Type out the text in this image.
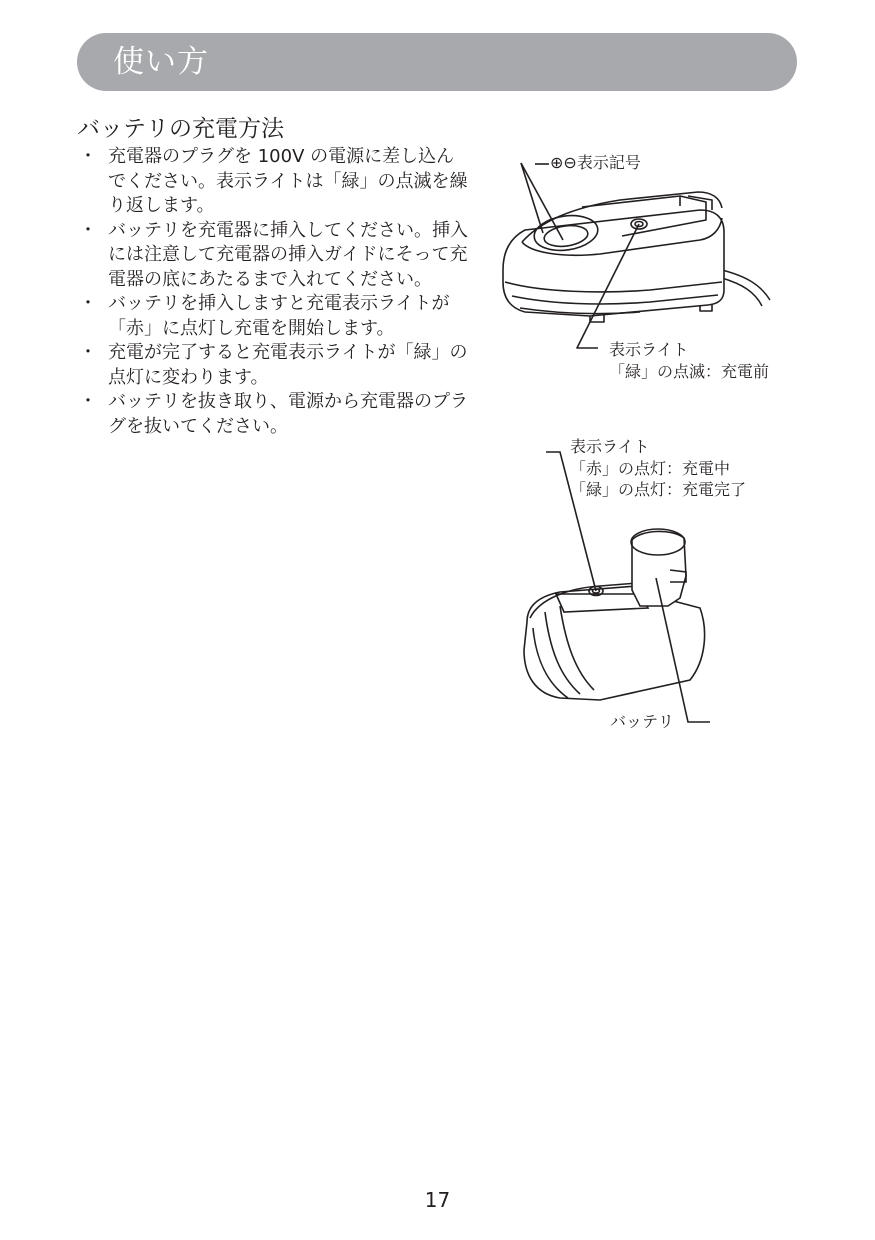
使い方
バッテリの充電方法
・ 充電器のプラグを 100V の電源に差し込んでください。表示ライトは「緑」の点滅を繰り返します。
・ バッテリを充電器に挿入してください。挿入には注意して充電器の挿入ガイドにそって充電器の底にあたるまで入れてください。
・ バッテリを挿入しますと充電表示ライトが「赤」に点灯し充電を開始します。
・ 充電が完了すると充電表示ライトが「緑」の点灯に変わります。
・ バッテリを抜き取り、電源から充電器のプラグを抜いてください。
⊕⊖表示記号
表示ライト
「緑」の点滅：充電前
表示ライト
「赤」の点灯：充電中
「緑」の点灯：充電完了
バッテリ
17
